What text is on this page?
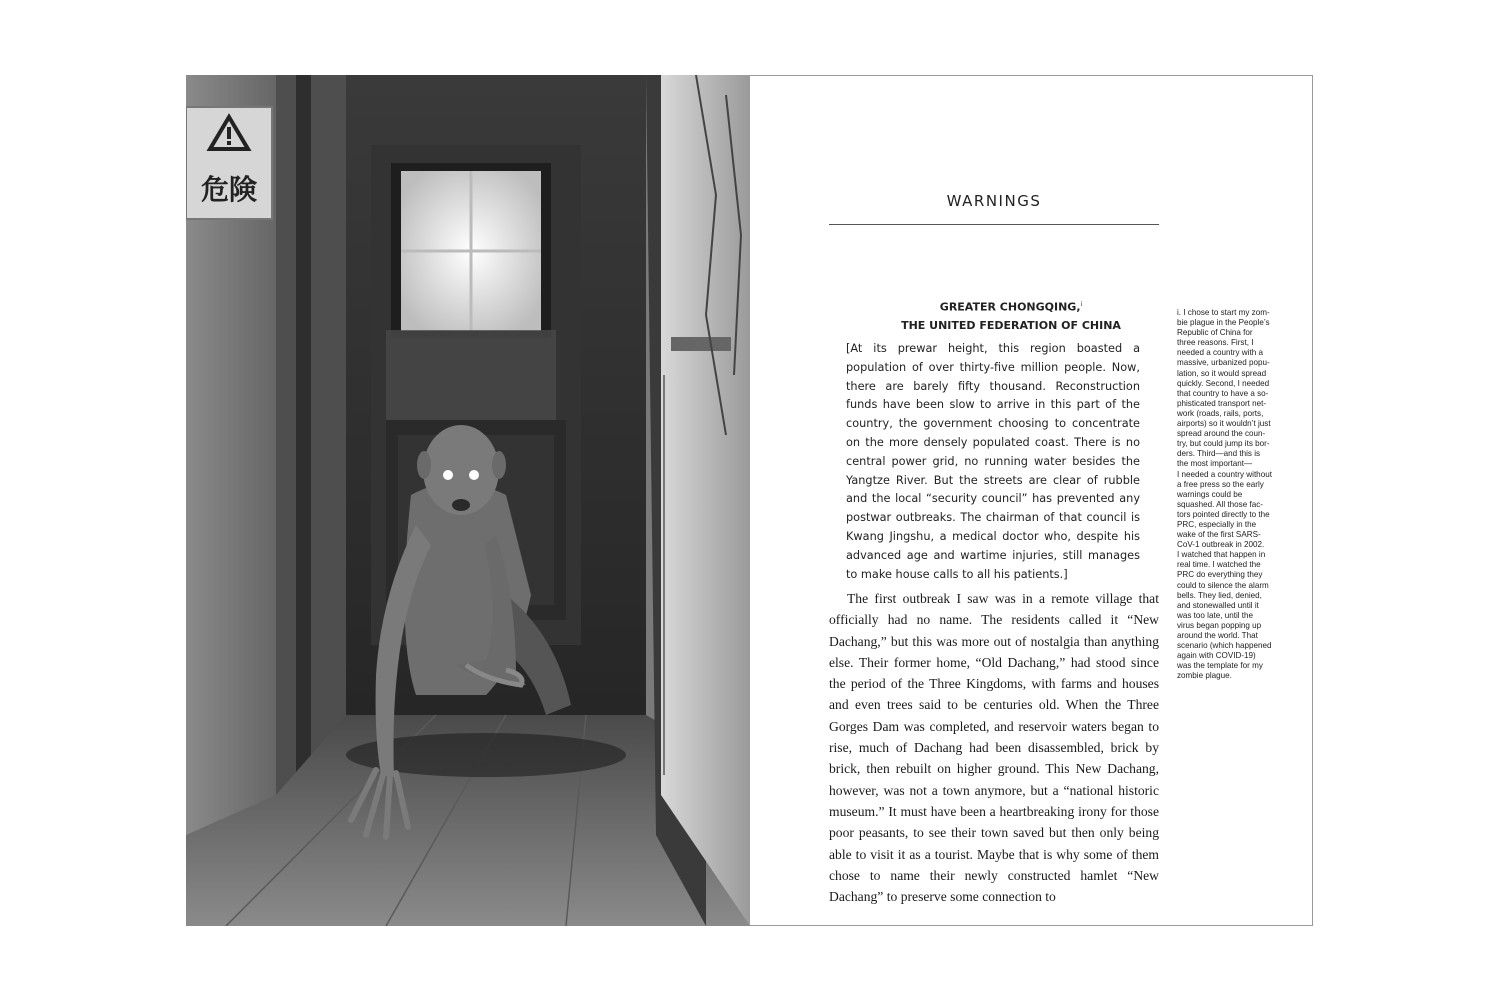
危険	WARNINGS
GREATER CHONGQING,$^i$
THE UNITED FEDERATION OF CHINA
[At its prewar height, this region boasted a population of over thirty-five million people. Now, there are barely fifty thousand. Reconstruction funds have been slow to arrive in this part of the country, the government choosing to concentrate on the more densely populated coast. There is no central power grid, no running water besides the Yangtze River. But the streets are clear of rubble and the local “security council” has prevented any postwar outbreaks. The chairman of that council is Kwang Jingshu, a medical doctor who, despite his advanced age and wartime injuries, still manages to make house calls to all his patients.]
The first outbreak I saw was in a remote village that officially had no name. The residents called it “New Dachang,” but this was more out of nostalgia than anything else. Their former home, “Old Dachang,” had stood since the period of the Three Kingdoms, with farms and houses and even trees said to be centuries old. When the Three Gorges Dam was completed, and reservoir waters began to rise, much of Dachang had been disassembled, brick by brick, then rebuilt on higher ground. This New Dachang, however, was not a town anymore, but a “national historic museum.” It must have been a heartbreaking irony for those poor peasants, to see their town saved but then only being able to visit it as a tourist. Maybe that is why some of them chose to name their newly constructed hamlet “New Dachang” to preserve some connection to
i. I chose to start my zom-
bie plague in the People’s
Republic of China for
three reasons. First, I
needed a country with a
massive, urbanized popu-
lation, so it would spread
quickly. Second, I needed
that country to have a so-
phisticated transport net-
work (roads, rails, ports,
airports) so it wouldn’t just
spread around the coun-
try, but could jump its bor-
ders. Third—and this is
the most important—
I needed a country without
a free press so the early
warnings could be
squashed. All those fac-
tors pointed directly to the
PRC, especially in the
wake of the first SARS-
CoV-1 outbreak in 2002.
I watched that happen in
real time. I watched the
PRC do everything they
could to silence the alarm
bells. They lied, denied,
and stonewalled until it
was too late, until the
virus began popping up
around the world. That
scenario (which happened
again with COVID-19)
was the template for my
zombie plague.
